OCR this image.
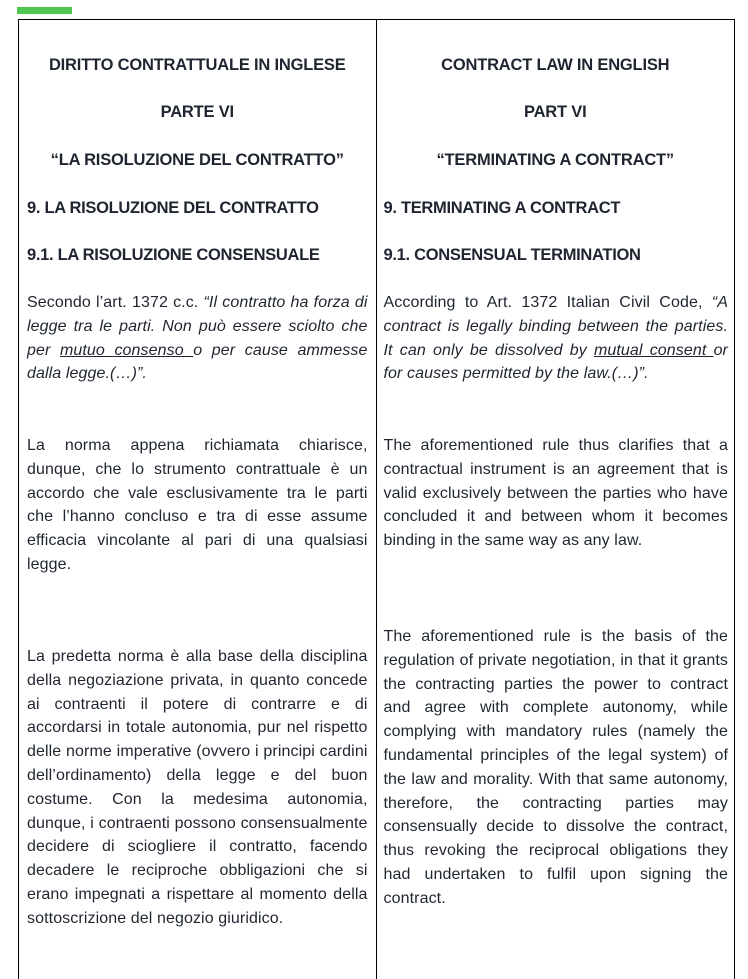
DIRITTO CONTRATTUALE IN INGLESE
PARTE VI
“LA RISOLUZIONE DEL CONTRATTO”
9. LA RISOLUZIONE DEL CONTRATTO
9.1. LA RISOLUZIONE CONSENSUALE
Secondo l’art. 1372 c.c. “Il contratto ha forza di legge tra le parti. Non può essere sciolto che per mutuo consenso o per cause ammesse dalla legge.(…)”.
La norma appena richiamata chiarisce, dunque, che lo strumento contrattuale è un accordo che vale esclusivamente tra le parti che l’hanno concluso e tra di esse assume efficacia vincolante al pari di una qualsiasi legge.
La predetta norma è alla base della disciplina della negoziazione privata, in quanto concede ai contraenti il potere di contrarre e di accordarsi in totale autonomia, pur nel rispetto delle norme imperative (ovvero i principi cardini dell’ordinamento) della legge e del buon costume. Con la medesima autonomia, dunque, i contraenti possono consensualmente decidere di sciogliere il contratto, facendo decadere le reciproche obbligazioni che si erano impegnati a rispettare al momento della sottoscrizione del negozio giuridico.
CONTRACT LAW IN ENGLISH
PART VI
“TERMINATING A CONTRACT”
9. TERMINATING A CONTRACT
9.1. CONSENSUAL TERMINATION
According to Art. 1372 Italian Civil Code, “A contract is legally binding between the parties. It can only be dissolved by mutual consent or for causes permitted by the law.(…)”.
The aforementioned rule thus clarifies that a contractual instrument is an agreement that is valid exclusively between the parties who have concluded it and between whom it becomes binding in the same way as any law.
The aforementioned rule is the basis of the regulation of private negotiation, in that it grants the contracting parties the power to contract and agree with complete autonomy, while complying with mandatory rules (namely the fundamental principles of the legal system) of the law and morality. With that same autonomy, therefore, the contracting parties may consensually decide to dissolve the contract, thus revoking the reciprocal obligations they had undertaken to fulfil upon signing the contract.
